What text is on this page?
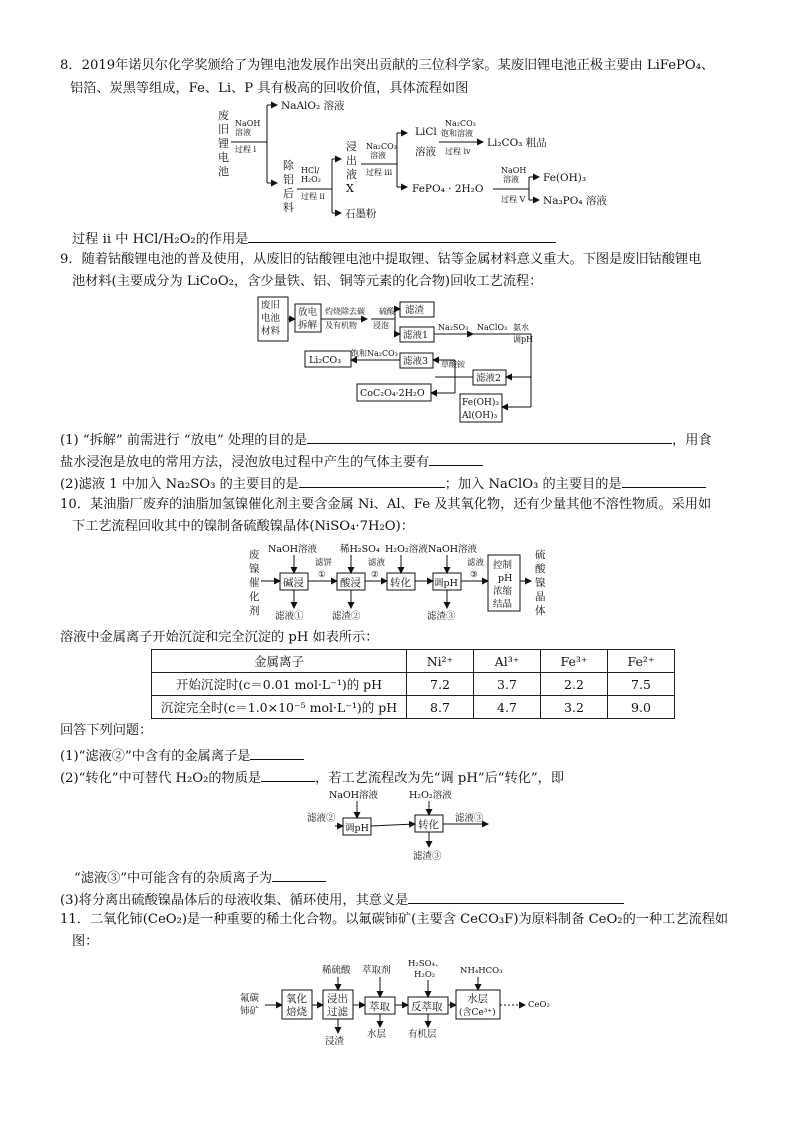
8．2019年诺贝尔化学奖颁给了为锂电池发展作出突出贡献的三位科学家。某废旧锂电池正极主要由 LiFePO₄、
铝箔、炭黑等组成，Fe、Li、P 具有极高的回收价值，具体流程如图
废
旧
锂
电
池
NaOH
溶液
过程 ⅰ
NaAlO₂ 溶液
除
铝
后
料
HCl/
H₂O₂
过程 ⅱ
浸
出
液
X
石墨粉
Na₂CO₃
溶液
过程 ⅲ
LiCl
溶液
Na₂CO₃
饱和溶液
过程 ⅳ
Li₂CO₃ 粗品
FePO₄ · 2H₂O
NaOH
溶液
过程 Ⅴ
Fe(OH)₃
Na₃PO₄ 溶液
过程 ⅱ 中 HCl/H₂O₂的作用是
9．随着钴酸锂电池的普及使用，从废旧的钴酸锂电池中提取锂、钴等金属材料意义重大。下图是废旧钴酸锂电
池材料(主要成分为 LiCoO₂，含少量铁、铝、铜等元素的化合物)回收工艺流程：
废旧
电池
材料
放电
拆解
滤渣
滤液1
滤液2
滤液3
Li₂CO₃
CoC₂O₄·2H₂O
Fe(OH)₃
Al(OH)₃
灼烧除去碳
及有机物
硫酸
浸泡	Na₂SO₃ NaClO₃ 氨水
调pH
草酸铵
饱和Na₂CO₃
(1) “拆解” 前需进行 “放电” 处理的目的是	，用食
盐水浸泡是放电的常用方法，浸泡放电过程中产生的气体主要有
(2)滤液 1 中加入 Na₂SO₃ 的主要目的是	；加入 NaClO₃ 的主要目的是
10．某油脂厂废弃的油脂加氢镍催化剂主要含金属 Ni、Al、Fe 及其氧化物，还有少量其他不溶性物质。采用如
下工艺流程回收其中的镍制备硫酸镍晶体(NiSO₄·7H₂O)：
废
镍
催
化
剂
硫
酸
镍
晶
体
NaOH溶液 稀H₂SO₄ H₂O₂溶液 NaOH溶液
滤液①	滤渣②	滤渣③
碱浸	酸浸	转化 调pH
控制
pH
浓缩
结晶
滤饼
①
滤液
②
滤液
③
溶液中金属离子开始沉淀和完全沉淀的 pH 如表所示：
金属离子	Ni²⁺	Al³⁺	Fe³⁺	Fe²⁺
开始沉淀时(c＝0.01 mol·L⁻¹)的 pH	7.2	3.7	2.2	7.5
沉淀完全时(c＝1.0×10⁻⁵ mol·L⁻¹)的 pH	8.7	4.7	3.2	9.0
回答下列问题：
(1)“滤液②”中含有的金属离子是
(2)“转化”中可替代 H₂O₂的物质是	，若工艺流程改为先“调 pH”后“转化”，即
NaOH溶液	H₂O₂溶液
滤液②	滤液③
滤渣③
调pH	转化
“滤液③”中可能含有的杂质离子为
(3)将分离出硫酸镍晶体后的母液收集、循环使用，其意义是
11．二氧化铈(CeO₂)是一种重要的稀土化合物。以氟碳铈矿(主要含 CeCO₃F)为原料制备 CeO₂的一种工艺流程如
图：
氟碳
铈矿
稀硫酸 萃取剂
H₂SO₄、
H₂O₂	NH₄HCO₃
浸渣
水层 有机层
CeO₂
氧化
焙烧
浸出
过滤 萃取 反萃取
水层
(含Ce³⁺)
